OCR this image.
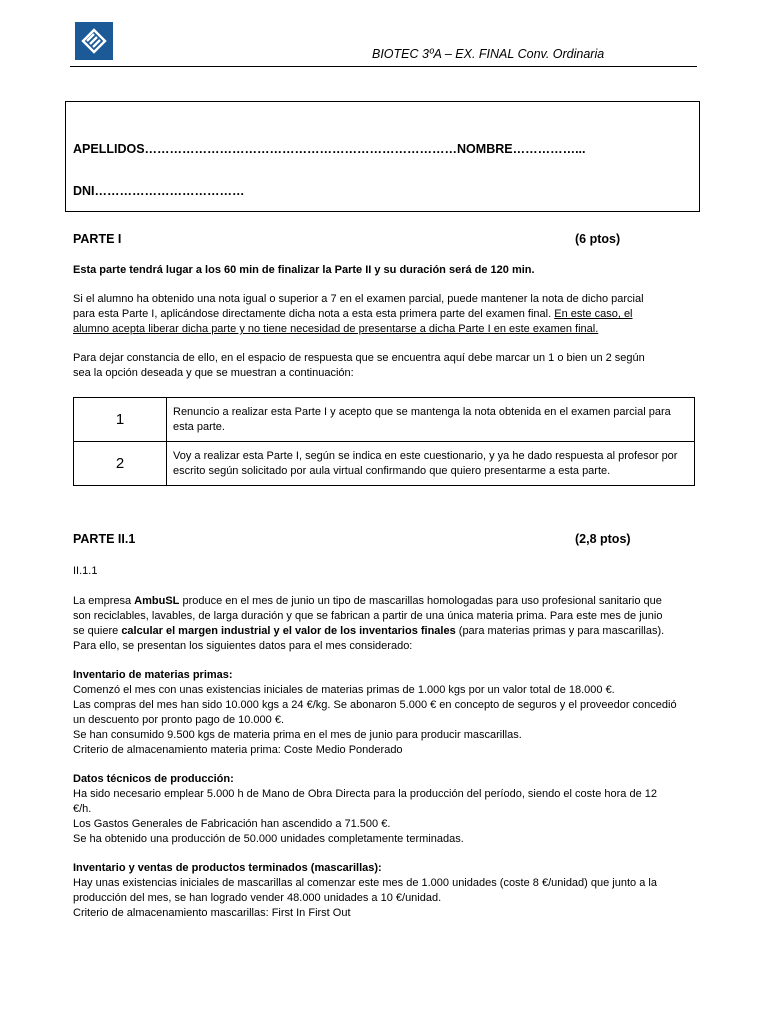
BIOTEC 3ºA – EX. FINAL Conv. Ordinaria
APELLIDOS…………………………………………………………………NOMBRE……………...
DNI………………………………
PARTE I	(6 ptos)

Esta parte tendrá lugar a los 60 min de finalizar la Parte II y su duración será de 120 min.

Si el alumno ha obtenido una nota igual o superior a 7 en el examen parcial, puede mantener la nota de dicho parcial

para esta Parte I, aplicándose directamente dicha nota a esta esta primera parte del examen final. En este caso, el

alumno acepta liberar dicha parte y no tiene necesidad de presentarse a dicha Parte I en este examen final.

Para dejar constancia de ello, en el espacio de respuesta que se encuentra aquí debe marcar un 1 o bien un 2 según

sea la opción deseada y que se muestran a continuación:

1	Renuncio a realizar esta Parte I y acepto que se mantenga la nota obtenida en el examen parcial para esta parte.
2	Voy a realizar esta Parte I, según se indica en este cuestionario, y ya he dado respuesta al profesor por escrito según solicitado por aula virtual confirmando que quiero presentarme a esta parte.
PARTE II.1	(2,8 ptos)

II.1.1

La empresa AmbuSL produce en el mes de junio un tipo de mascarillas homologadas para uso profesional sanitario que

son reciclables, lavables, de larga duración y que se fabrican a partir de una única materia prima. Para este mes de junio

se quiere calcular el margen industrial y el valor de los inventarios finales (para materias primas y para mascarillas).

Para ello, se presentan los siguientes datos para el mes considerado:

Inventario de materias primas:

Comenzó el mes con unas existencias iniciales de materias primas de 1.000 kgs por un valor total de 18.000 €.

Las compras del mes han sido 10.000 kgs a 24 €/kg. Se abonaron 5.000 € en concepto de seguros y el proveedor concedió

un descuento por pronto pago de 10.000 €.

Se han consumido 9.500 kgs de materia prima en el mes de junio para producir mascarillas.

Criterio de almacenamiento materia prima: Coste Medio Ponderado

Datos técnicos de producción:

Ha sido necesario emplear 5.000 h de Mano de Obra Directa para la producción del período, siendo el coste hora de 12

€/h.

Los Gastos Generales de Fabricación han ascendido a 71.500 €.

Se ha obtenido una producción de 50.000 unidades completamente terminadas.

Inventario y ventas de productos terminados (mascarillas):

Hay unas existencias iniciales de mascarillas al comenzar este mes de 1.000 unidades (coste 8 €/unidad) que junto a la

producción del mes, se han logrado vender 48.000 unidades a 10 €/unidad.

Criterio de almacenamiento mascarillas: First In First Out
